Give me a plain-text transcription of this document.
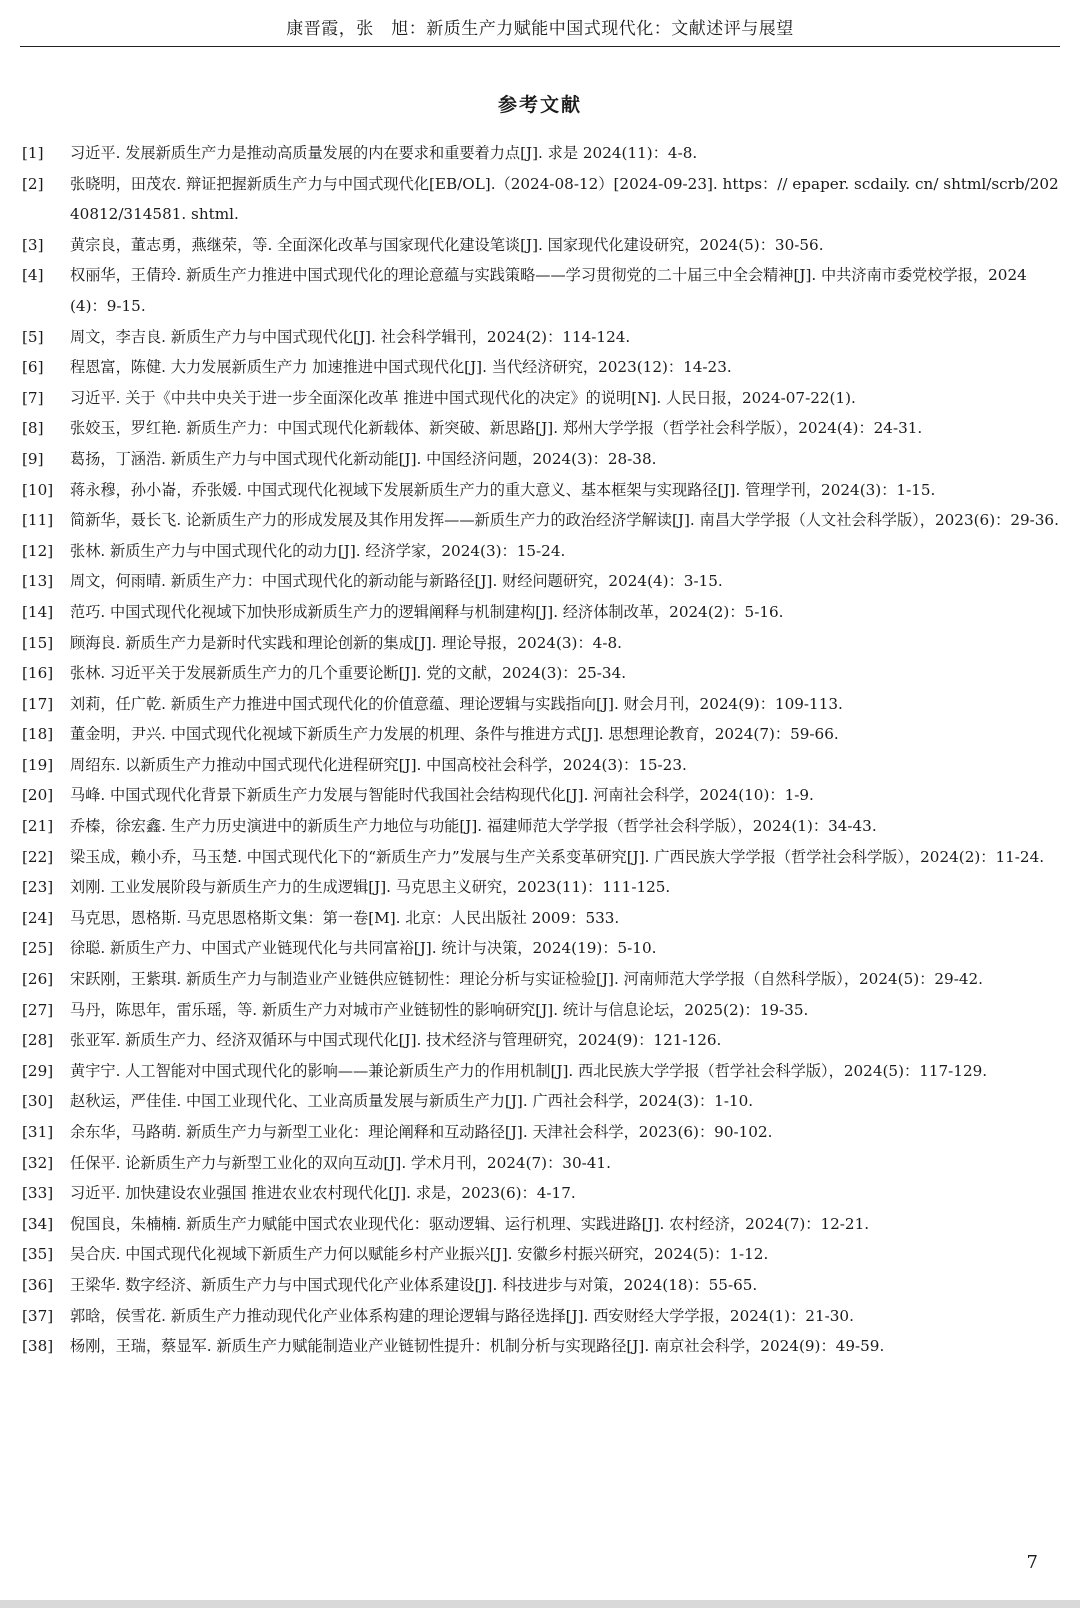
康晋霞，张　旭：新质生产力赋能中国式现代化：文献述评与展望
参考文献
[1]	习近平. 发展新质生产力是推动高质量发展的内在要求和重要着力点[J]. 求是 2024(11)：4-8.
[2]	张晓明，田茂农. 辩证把握新质生产力与中国式现代化[EB/OL].（2024-08-12）[2024-09-23]. https：// epaper. scdaily. cn/ shtml/scrb/20240812/314581. shtml.
[3]	黄宗良，董志勇，燕继荣，等. 全面深化改革与国家现代化建设笔谈[J]. 国家现代化建设研究，2024(5)：30-56.
[4]	权丽华，王倩玲. 新质生产力推进中国式现代化的理论意蕴与实践策略——学习贯彻党的二十届三中全会精神[J]. 中共济南市委党校学报，2024(4)：9-15.
[5]	周文，李吉良. 新质生产力与中国式现代化[J]. 社会科学辑刊，2024(2)：114-124.
[6]	程恩富，陈健. 大力发展新质生产力 加速推进中国式现代化[J]. 当代经济研究，2023(12)：14-23.
[7]	习近平. 关于《中共中央关于进一步全面深化改革 推进中国式现代化的决定》的说明[N]. 人民日报，2024-07-22(1).
[8]	张姣玉，罗红艳. 新质生产力：中国式现代化新载体、新突破、新思路[J]. 郑州大学学报（哲学社会科学版），2024(4)：24-31.
[9]	葛扬，丁涵浩. 新质生产力与中国式现代化新动能[J]. 中国经济问题，2024(3)：28-38.
[10]	蒋永穆，孙小崙，乔张媛. 中国式现代化视域下发展新质生产力的重大意义、基本框架与实现路径[J]. 管理学刊，2024(3)：1-15.
[11]	简新华，聂长飞. 论新质生产力的形成发展及其作用发挥——新质生产力的政治经济学解读[J]. 南昌大学学报（人文社会科学版），2023(6)：29-36.
[12]	张林. 新质生产力与中国式现代化的动力[J]. 经济学家，2024(3)：15-24.
[13]	周文，何雨晴. 新质生产力：中国式现代化的新动能与新路径[J]. 财经问题研究，2024(4)：3-15.
[14]	范巧. 中国式现代化视域下加快形成新质生产力的逻辑阐释与机制建构[J]. 经济体制改革，2024(2)：5-16.
[15]	顾海良. 新质生产力是新时代实践和理论创新的集成[J]. 理论导报，2024(3)：4-8.
[16]	张林. 习近平关于发展新质生产力的几个重要论断[J]. 党的文献，2024(3)：25-34.
[17]	刘莉，任广乾. 新质生产力推进中国式现代化的价值意蕴、理论逻辑与实践指向[J]. 财会月刊，2024(9)：109-113.
[18]	董金明，尹兴. 中国式现代化视域下新质生产力发展的机理、条件与推进方式[J]. 思想理论教育，2024(7)：59-66.
[19]	周绍东. 以新质生产力推动中国式现代化进程研究[J]. 中国高校社会科学，2024(3)：15-23.
[20]	马峰. 中国式现代化背景下新质生产力发展与智能时代我国社会结构现代化[J]. 河南社会科学，2024(10)：1-9.
[21]	乔榛，徐宏鑫. 生产力历史演进中的新质生产力地位与功能[J]. 福建师范大学学报（哲学社会科学版），2024(1)：34-43.
[22]	梁玉成，赖小乔，马玉楚. 中国式现代化下的“新质生产力”发展与生产关系变革研究[J]. 广西民族大学学报（哲学社会科学版），2024(2)：11-24.
[23]	刘刚. 工业发展阶段与新质生产力的生成逻辑[J]. 马克思主义研究，2023(11)：111-125.
[24]	马克思，恩格斯. 马克思恩格斯文集：第一卷[M]. 北京：人民出版社 2009：533.
[25]	徐聪. 新质生产力、中国式产业链现代化与共同富裕[J]. 统计与决策，2024(19)：5-10.
[26]	宋跃刚，王紫琪. 新质生产力与制造业产业链供应链韧性：理论分析与实证检验[J]. 河南师范大学学报（自然科学版），2024(5)：29-42.
[27]	马丹，陈思年，雷乐瑶，等. 新质生产力对城市产业链韧性的影响研究[J]. 统计与信息论坛，2025(2)：19-35.
[28]	张亚军. 新质生产力、经济双循环与中国式现代化[J]. 技术经济与管理研究，2024(9)：121-126.
[29]	黄宇宁. 人工智能对中国式现代化的影响——兼论新质生产力的作用机制[J]. 西北民族大学学报（哲学社会科学版），2024(5)：117-129.
[30]	赵秋运，严佳佳. 中国工业现代化、工业高质量发展与新质生产力[J]. 广西社会科学，2024(3)：1-10.
[31]	余东华，马路萌. 新质生产力与新型工业化：理论阐释和互动路径[J]. 天津社会科学，2023(6)：90-102.
[32]	任保平. 论新质生产力与新型工业化的双向互动[J]. 学术月刊，2024(7)：30-41.
[33]	习近平. 加快建设农业强国 推进农业农村现代化[J]. 求是，2023(6)：4-17.
[34]	倪国良，朱楠楠. 新质生产力赋能中国式农业现代化：驱动逻辑、运行机理、实践进路[J]. 农村经济，2024(7)：12-21.
[35]	吴合庆. 中国式现代化视域下新质生产力何以赋能乡村产业振兴[J]. 安徽乡村振兴研究，2024(5)：1-12.
[36]	王梁华. 数字经济、新质生产力与中国式现代化产业体系建设[J]. 科技进步与对策，2024(18)：55-65.
[37]	郭晗，侯雪花. 新质生产力推动现代化产业体系构建的理论逻辑与路径选择[J]. 西安财经大学学报，2024(1)：21-30.
[38]	杨刚，王瑞，蔡显军. 新质生产力赋能制造业产业链韧性提升：机制分析与实现路径[J]. 南京社会科学，2024(9)：49-59.
7
